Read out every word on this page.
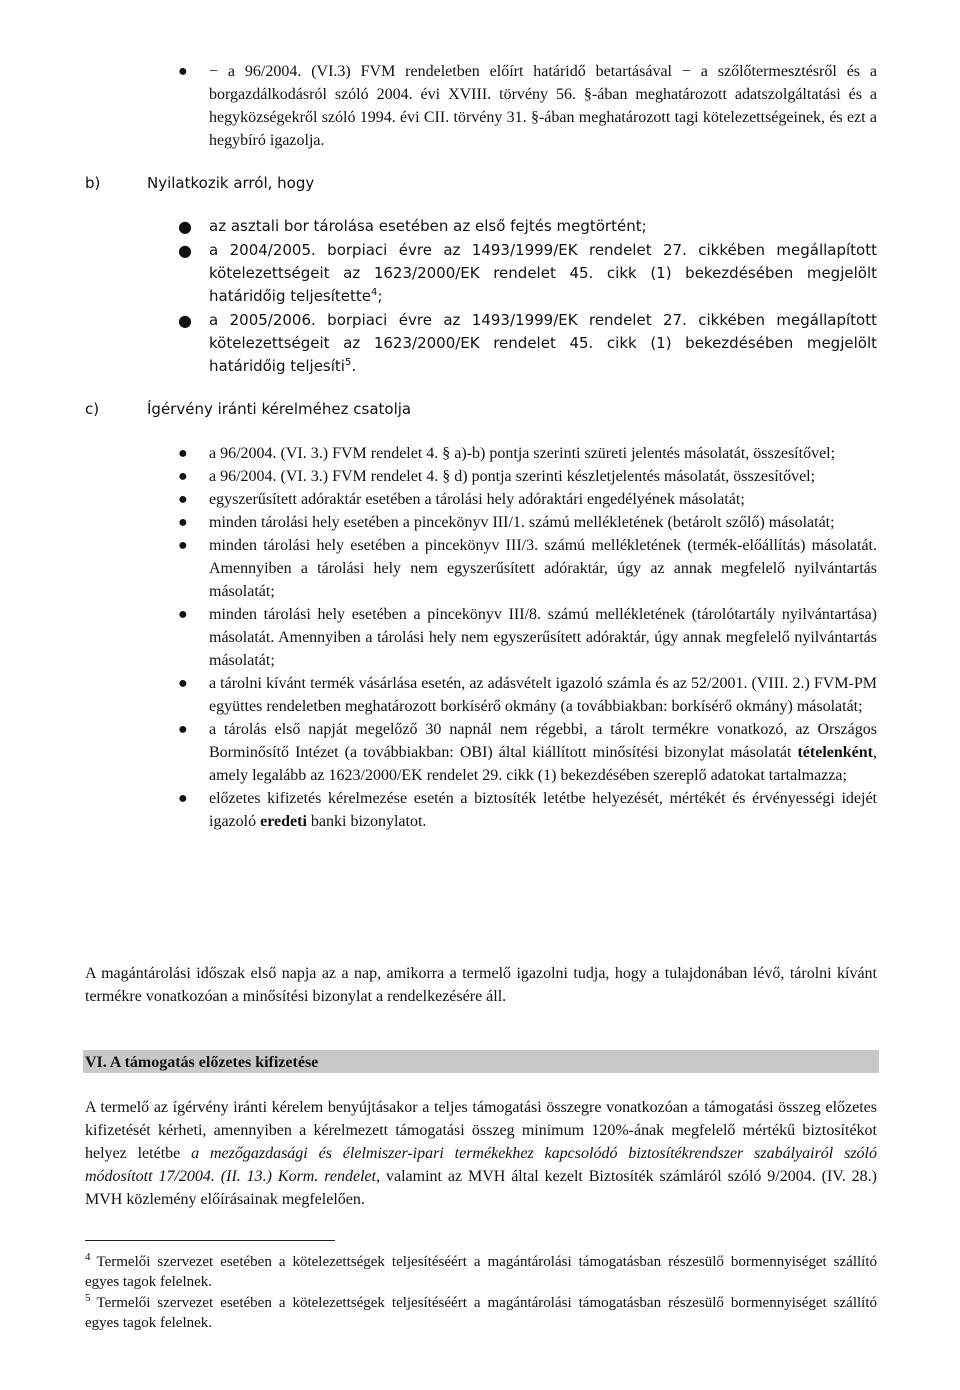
● − a 96/2004. (VI.3) FVM rendeletben előírt határidő betartásával − a szőlőtermesztésről és a borgazdálkodásról szóló 2004. évi XVIII. törvény 56. §-ában meghatározott adatszolgáltatási és a hegyközségekről szóló 1994. évi CII. törvény 31. §-ában meghatározott tagi kötelezettségeinek, és ezt a hegybíró igazolja.
b)	Nyilatkozik arról, hogy
● az asztali bor tárolása esetében az első fejtés megtörtént;
● a 2004/2005. borpiaci évre az 1493/1999/EK rendelet 27. cikkében megállapított kötelezettségeit az 1623/2000/EK rendelet 45. cikk (1) bekezdésében megjelölt határidőig teljesítette$^4$;
● a 2005/2006. borpiaci évre az 1493/1999/EK rendelet 27. cikkében megállapított kötelezettségeit az 1623/2000/EK rendelet 45. cikk (1) bekezdésében megjelölt határidőig teljesíti$^5$.
c)	Ígérvény iránti kérelméhez csatolja
● a 96/2004. (VI. 3.) FVM rendelet 4. § a)-b) pontja szerinti szüreti jelentés másolatát, összesítővel;
● a 96/2004. (VI. 3.) FVM rendelet 4. § d) pontja szerinti készletjelentés másolatát, összesítővel;
● egyszerűsített adóraktár esetében a tárolási hely adóraktári engedélyének másolatát;
● minden tárolási hely esetében a pincekönyv III/1. számú mellékletének (betárolt szőlő) másolatát;
● minden tárolási hely esetében a pincekönyv III/3. számú mellékletének (termék-előállítás) másolatát. Amennyiben a tárolási hely nem egyszerűsített adóraktár, úgy az annak megfelelő nyilvántartás másolatát;
● minden tárolási hely esetében a pincekönyv III/8. számú mellékletének (tárolótartály nyilvántartása) másolatát. Amennyiben a tárolási hely nem egyszerűsített adóraktár, úgy annak megfelelő nyilvántartás másolatát;
● a tárolni kívánt termék vásárlása esetén, az adásvételt igazoló számla és az 52/2001. (VIII. 2.) FVM-PM együttes rendeletben meghatározott borkísérő okmány (a továbbiakban: borkísérő okmány) másolatát;
● a tárolás első napját megelőző 30 napnál nem régebbi, a tárolt termékre vonatkozó, az Országos Borminősítő Intézet (a továbbiakban: OBI) által kiállított minősítési bizonylat másolatát tételenként, amely legalább az 1623/2000/EK rendelet 29. cikk (1) bekezdésében szereplő adatokat tartalmazza;
● előzetes kifizetés kérelmezése esetén a biztosíték letétbe helyezését, mértékét és érvényességi idejét igazoló eredeti banki bizonylatot.
A magántárolási időszak első napja az a nap, amikorra a termelő igazolni tudja, hogy a tulajdonában lévő, tárolni kívánt termékre vonatkozóan a minősítési bizonylat a rendelkezésére áll.
VI. A támogatás előzetes kifizetése
A termelő az ígérvény iránti kérelem benyújtásakor a teljes támogatási összegre vonatkozóan a támogatási összeg előzetes kifizetését kérheti, amennyiben a kérelmezett támogatási összeg minimum 120%-ának megfelelő mértékű biztosítékot helyez letétbe a mezőgazdasági és élelmiszer-ipari termékekhez kapcsolódó biztosítékrendszer szabályairól szóló módosított 17/2004. (II. 13.) Korm. rendelet, valamint az MVH által kezelt Biztosíték számláról szóló 9/2004. (IV. 28.) MVH közlemény előírásainak megfelelően.
$^4$ Termelői szervezet esetében a kötelezettségek teljesítéséért a magántárolási támogatásban részesülő bormennyiséget szállító egyes tagok felelnek.
$^5$ Termelői szervezet esetében a kötelezettségek teljesítéséért a magántárolási támogatásban részesülő bormennyiséget szállító egyes tagok felelnek.
